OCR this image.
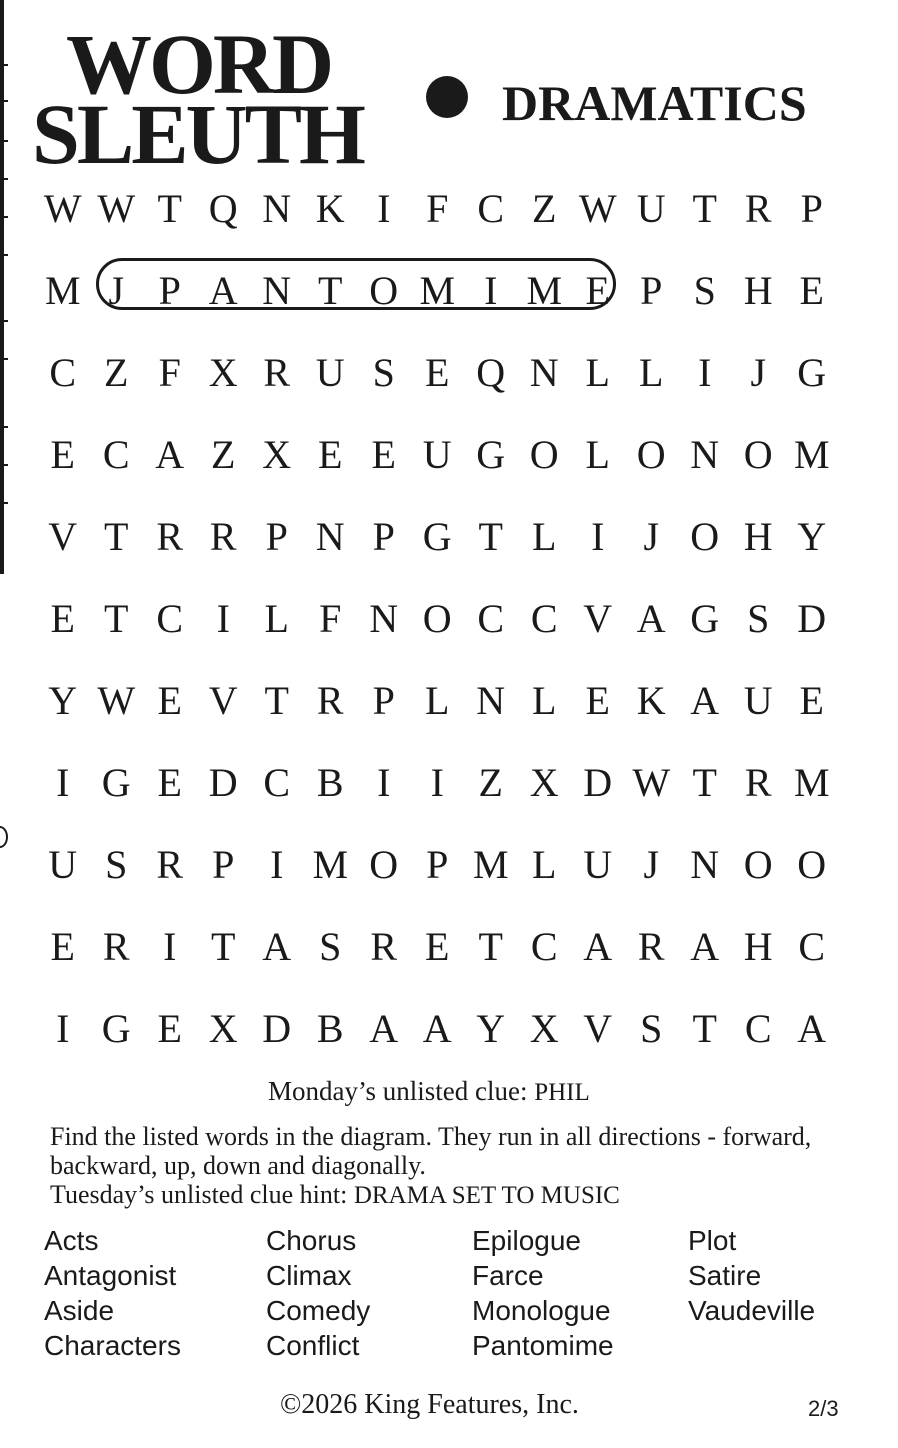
WORD
SLEUTH	DRAMATICS
W W T Q N K I F C Z W U T R P
M J P A N T O M I M E P S H E
C Z F X R U S E Q N L L I J G
E C A Z X E E U G O L O N O M
V T R R P N P G T L I J O H Y
E T C I L F N O C C V A G S D
Y W E V T R P L N L E K A U E
I G E D C B I	I Z X D W T R M
U S R P I M O P M L U J N O O
E R I T A S R E T C A R A H C
I G E X D B A A Y X V S T C A
Monday’s unlisted clue: PHIL
Find the listed words in the diagram. They run in all directions - forward, backward, up, down and diagonally.
Tuesday’s unlisted clue hint: DRAMA SET TO MUSIC
Acts
Antagonist
Aside
Characters
Chorus
Climax
Comedy
Conflict
Epilogue
Farce
Monologue
Pantomime
Plot
Satire
Vaudeville
©2026 King Features, Inc.	2/3
